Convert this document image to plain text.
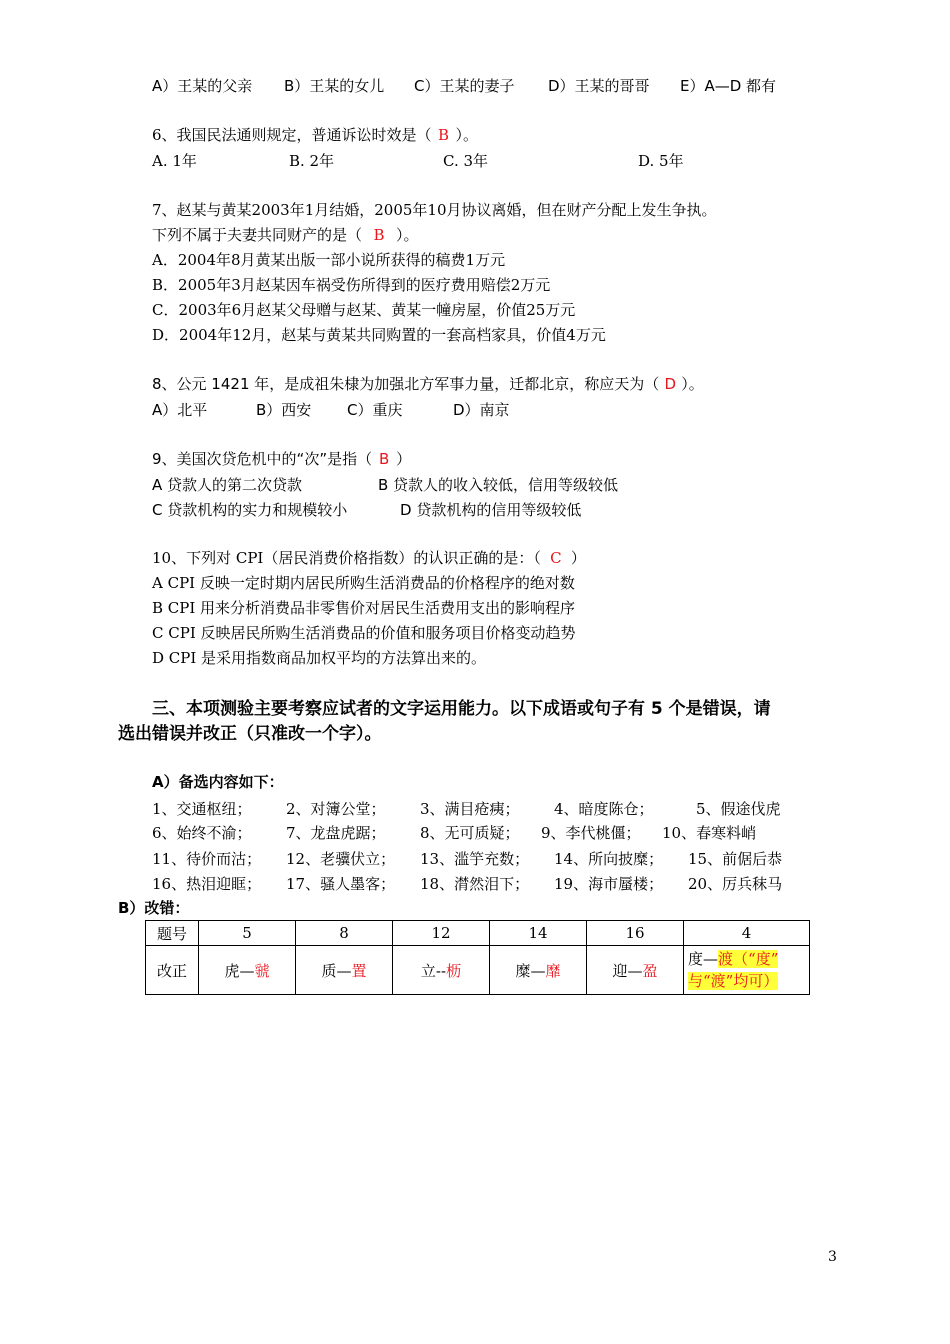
A）王某的父亲 B）王某的女儿 C）王某的妻子 D）王某的哥哥 E）A—D 都有
6、我国民法通则规定，普通诉讼时效是（ B ）。
A. 1年	B. 2年	C. 3年	D. 5年
7、赵某与黄某2003年1月结婚，2005年10月协议离婚，但在财产分配上发生争执。
下列不属于夫妻共同财产的是（ B ）。
A．2004年8月黄某出版一部小说所获得的稿费1万元
B．2005年3月赵某因车祸受伤所得到的医疗费用赔偿2万元
C．2003年6月赵某父母赠与赵某、黄某一幢房屋，价值25万元
D．2004年12月，赵某与黄某共同购置的一套高档家具，价值4万元
8、公元 1421 年，是成祖朱棣为加强北方军事力量，迁都北京，称应天为（ D ）。
A）北平	B）西安 C）重庆	D）南京
9、美国次贷危机中的“次”是指（ B ）
A 贷款人的第二次贷款	B 贷款人的收入较低，信用等级较低
C 贷款机构的实力和规模较小	D 贷款机构的信用等级较低
10、下列对 CPI（居民消费价格指数）的认识正确的是：（ C ）
A CPI 反映一定时期内居民所购生活消费品的价格程序的绝对数
B CPI 用来分析消费品非零售价对居民生活费用支出的影响程序
C CPI 反映居民所购生活消费品的价值和服务项目价格变动趋势
D CPI 是采用指数商品加权平均的方法算出来的。
三、本项测验主要考察应试者的文字运用能力。以下成语或句子有 5 个是错误，请
选出错误并改正（只准改一个字）。
A）备选内容如下：
1、交通枢纽； 2、对簿公堂； 3、满目疮痍； 4、暗度陈仓；	5、假途伐虎
6、始终不渝； 7、龙盘虎踞； 8、无可质疑； 9、李代桃僵； 10、春寒料峭
11、待价而沽； 12、老骥伏立； 13、滥竽充数； 14、所向披糜； 15、前倨后恭
16、热泪迎眶； 17、骚人墨客； 18、潸然泪下； 19、海市蜃楼； 20、厉兵秣马
B）改错：
题号	5	8	12	14	16	4
改正	虎—虢	质—置	立--枥	糜—靡	迎—盈	度—渡（“度”
与“渡”均可）
3
